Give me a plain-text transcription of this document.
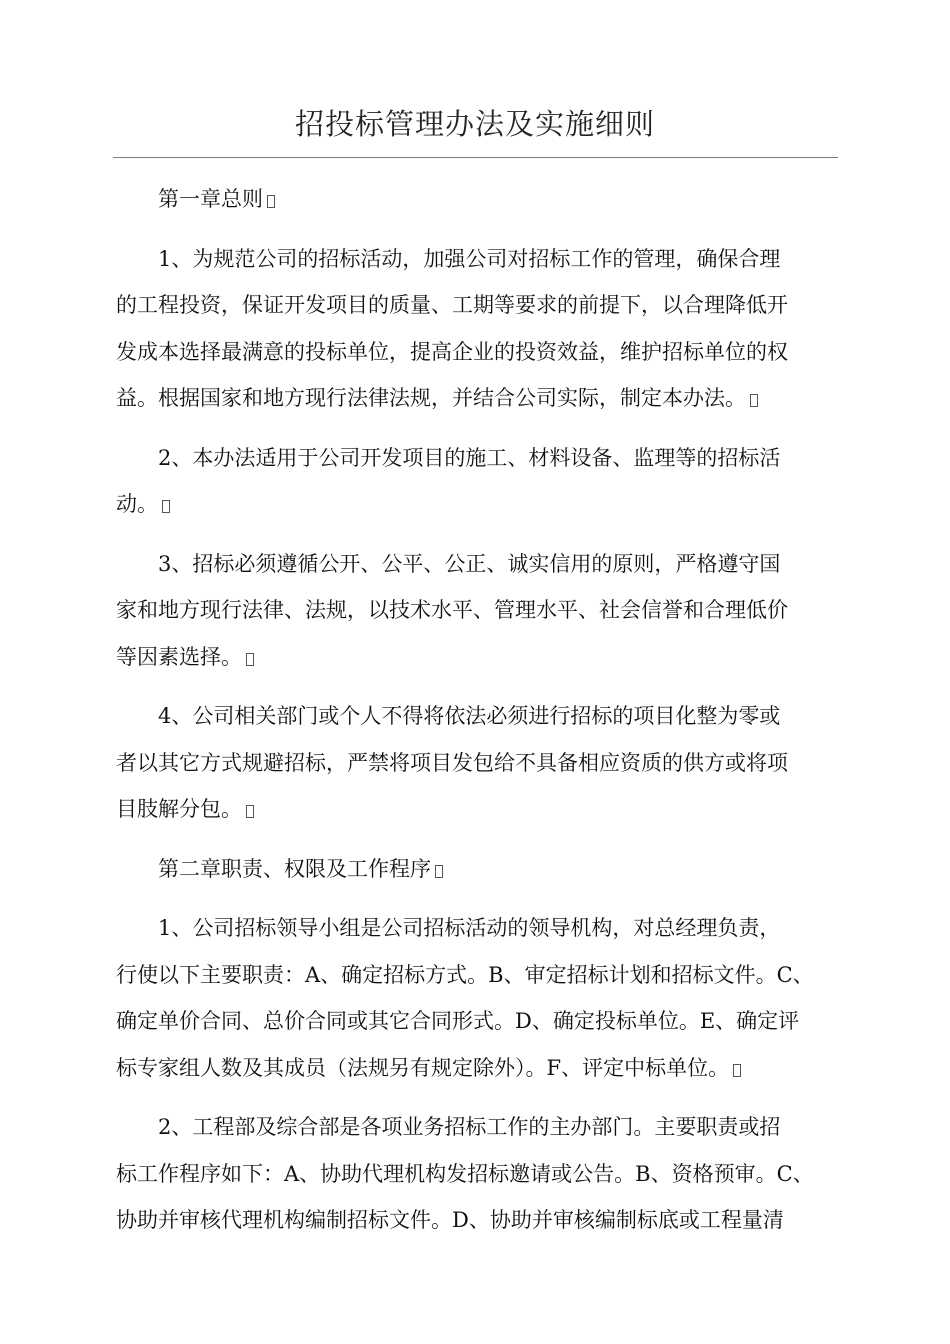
招投标管理办法及实施细则
第一章总则
1、为规范公司的招标活动，加强公司对招标工作的管理，确保合理
的工程投资，保证开发项目的质量、工期等要求的前提下，以合理降低开
发成本选择最满意的投标单位，提高企业的投资效益，维护招标单位的权
益。根据国家和地方现行法律法规，并结合公司实际，制定本办法。
2、本办法适用于公司开发项目的施工、材料设备、监理等的招标活
动。
3、招标必须遵循公开、公平、公正、诚实信用的原则，严格遵守国
家和地方现行法律、法规，以技术水平、管理水平、社会信誉和合理低价
等因素选择。
4、公司相关部门或个人不得将依法必须进行招标的项目化整为零或
者以其它方式规避招标，严禁将项目发包给不具备相应资质的供方或将项
目肢解分包。
第二章职责、权限及工作程序
1、公司招标领导小组是公司招标活动的领导机构，对总经理负责，
行使以下主要职责：A、确定招标方式。B、审定招标计划和招标文件。C、
确定单价合同、总价合同或其它合同形式。D、确定投标单位。E、确定评
标专家组人数及其成员（法规另有规定除外）。F、评定中标单位。
2、工程部及综合部是各项业务招标工作的主办部门。主要职责或招
标工作程序如下：A、协助代理机构发招标邀请或公告。B、资格预审。C、
协助并审核代理机构编制招标文件。D、协助并审核编制标底或工程量清
